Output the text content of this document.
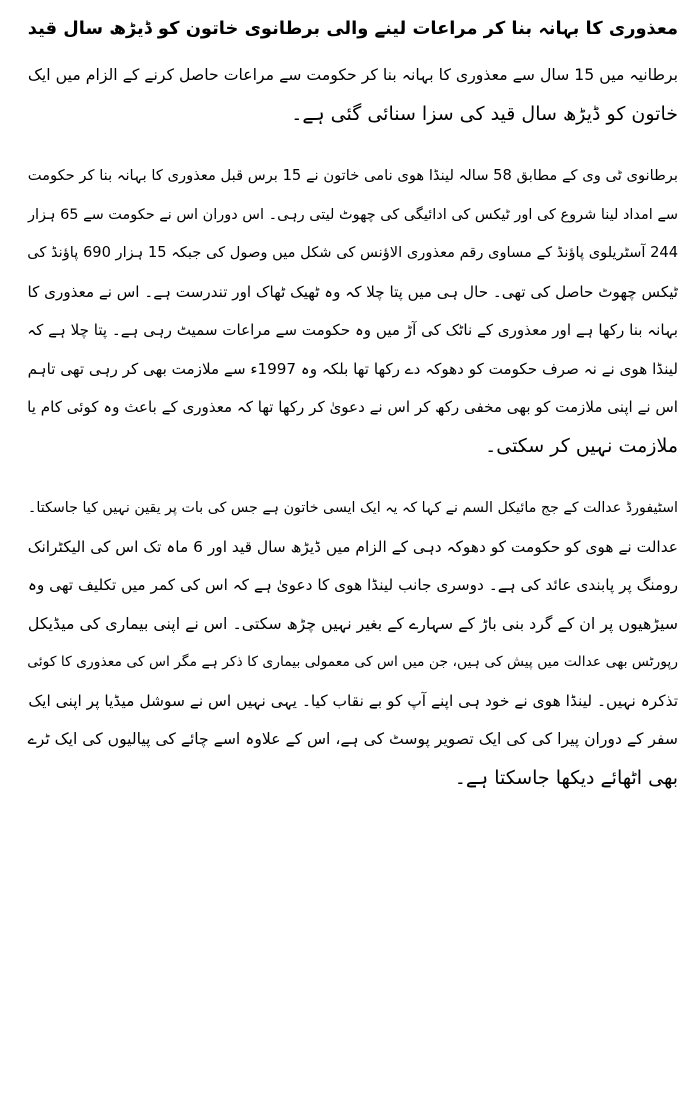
معذوری کا بہانہ بنا کر مراعات لینے والی برطانوی خاتون کو ڈیڑھ سال قید
برطانیہ میں 15 سال سے معذوری کا بہانہ بنا کر حکومت سے مراعات حاصل کرنے کے الزام میں ایک
خاتون کو ڈیڑھ سال قید کی سزا سنائی گئی ہے۔
برطانوی ٹی وی کے مطابق 58 سالہ لینڈا ھوی نامی خاتون نے 15 برس قبل معذوری کا بہانہ بنا کر حکومت
سے امداد لینا شروع کی اور ٹیکس کی ادائیگی کی چھوٹ لیتی رہی۔ اس دوران اس نے حکومت سے 65 ہزار
244 آسٹریلوی پاؤنڈ کے مساوی رقم معذوری الاؤنس کی شکل میں وصول کی جبکہ 15 ہزار 690 پاؤنڈ کی
ٹیکس چھوٹ حاصل کی تھی۔ حال ہی میں پتا چلا کہ وہ ٹھیک ٹھاک اور تندرست ہے۔ اس نے معذوری کا
بہانہ بنا رکھا ہے اور معذوری کے ناٹک کی آڑ میں وہ حکومت سے مراعات سمیٹ رہی ہے۔ پتا چلا ہے کہ
لینڈا ھوی نے نہ صرف حکومت کو دھوکہ دے رکھا تھا بلکہ وہ 1997ء سے ملازمت بھی کر رہی تھی تاہم
اس نے اپنی ملازمت کو بھی مخفی رکھ کر اس نے دعویٰ کر رکھا تھا کہ معذوری کے باعث وہ کوئی کام یا
ملازمت نہیں کر سکتی۔
اسٹیفورڈ عدالت کے جج مائیکل السم نے کہا کہ یہ ایک ایسی خاتون ہے جس کی بات پر یقین نہیں کیا جاسکتا۔
عدالت نے ھوی کو حکومت کو دھوکہ دہی کے الزام میں ڈیڑھ سال قید اور 6 ماہ تک اس کی الیکٹرانک
رومنگ پر پابندی عائد کی ہے۔ دوسری جانب لینڈا ھوی کا دعویٰ ہے کہ اس کی کمر میں تکلیف تھی وہ
سیڑھیوں پر ان کے گرد بنی باڑ کے سہارے کے بغیر نہیں چڑھ سکتی۔ اس نے اپنی بیماری کی میڈیکل
رپورٹس بھی عدالت میں پیش کی ہیں، جن میں اس کی معمولی بیماری کا ذکر ہے مگر اس کی معذوری کا کوئی
تذکرہ نہیں۔ لینڈا ھوی نے خود ہی اپنے آپ کو بے نقاب کیا۔ یہی نہیں اس نے سوشل میڈیا پر اپنی ایک
سفر کے دوران پیرا کی کی ایک تصویر پوسٹ کی ہے، اس کے علاوہ اسے چائے کی پیالیوں کی ایک ٹرے
بھی اٹھائے دیکھا جاسکتا ہے۔
